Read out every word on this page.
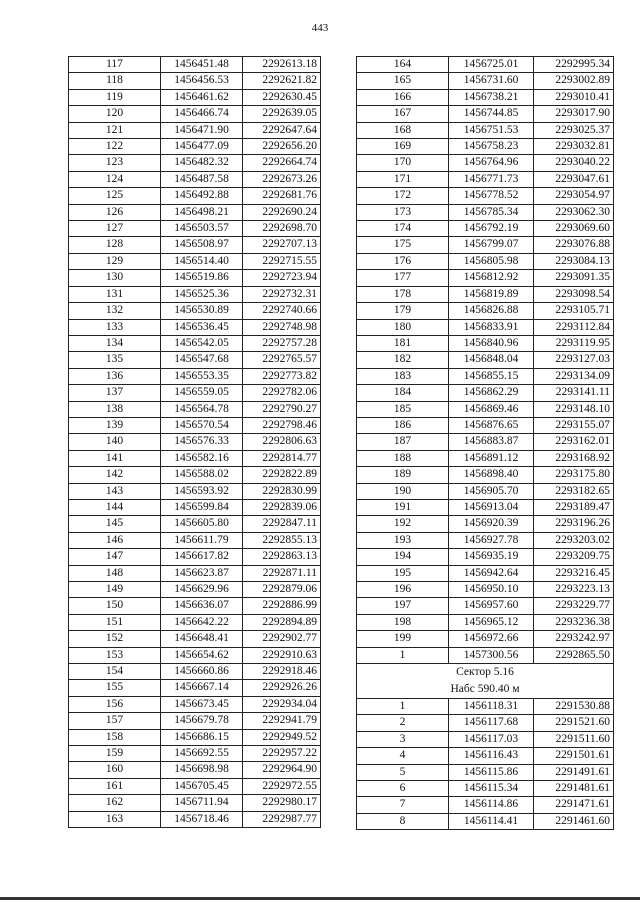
443
117	1456451.48	2292613.18
118	1456456.53	2292621.82
119	1456461.62	2292630.45
120	1456466.74	2292639.05
121	1456471.90	2292647.64
122	1456477.09	2292656.20
123	1456482.32	2292664.74
124	1456487.58	2292673.26
125	1456492.88	2292681.76
126	1456498.21	2292690.24
127	1456503.57	2292698.70
128	1456508.97	2292707.13
129	1456514.40	2292715.55
130	1456519.86	2292723.94
131	1456525.36	2292732.31
132	1456530.89	2292740.66
133	1456536.45	2292748.98
134	1456542.05	2292757.28
135	1456547.68	2292765.57
136	1456553.35	2292773.82
137	1456559.05	2292782.06
138	1456564.78	2292790.27
139	1456570.54	2292798.46
140	1456576.33	2292806.63
141	1456582.16	2292814.77
142	1456588.02	2292822.89
143	1456593.92	2292830.99
144	1456599.84	2292839.06
145	1456605.80	2292847.11
146	1456611.79	2292855.13
147	1456617.82	2292863.13
148	1456623.87	2292871.11
149	1456629.96	2292879.06
150	1456636.07	2292886.99
151	1456642.22	2292894.89
152	1456648.41	2292902.77
153	1456654.62	2292910.63
154	1456660.86	2292918.46
155	1456667.14	2292926.26
156	1456673.45	2292934.04
157	1456679.78	2292941.79
158	1456686.15	2292949.52
159	1456692.55	2292957.22
160	1456698.98	2292964.90
161	1456705.45	2292972.55
162	1456711.94	2292980.17
163	1456718.46	2292987.77
164	1456725.01	2292995.34
165	1456731.60	2293002.89
166	1456738.21	2293010.41
167	1456744.85	2293017.90
168	1456751.53	2293025.37
169	1456758.23	2293032.81
170	1456764.96	2293040.22
171	1456771.73	2293047.61
172	1456778.52	2293054.97
173	1456785.34	2293062.30
174	1456792.19	2293069.60
175	1456799.07	2293076.88
176	1456805.98	2293084.13
177	1456812.92	2293091.35
178	1456819.89	2293098.54
179	1456826.88	2293105.71
180	1456833.91	2293112.84
181	1456840.96	2293119.95
182	1456848.04	2293127.03
183	1456855.15	2293134.09
184	1456862.29	2293141.11
185	1456869.46	2293148.10
186	1456876.65	2293155.07
187	1456883.87	2293162.01
188	1456891.12	2293168.92
189	1456898.40	2293175.80
190	1456905.70	2293182.65
191	1456913.04	2293189.47
192	1456920.39	2293196.26
193	1456927.78	2293203.02
194	1456935.19	2293209.75
195	1456942.64	2293216.45
196	1456950.10	2293223.13
197	1456957.60	2293229.77
198	1456965.12	2293236.38
199	1456972.66	2293242.97
1	1457300.56	2292865.50
Сектор 5.16		
Набс 590.40 м		
1	1456118.31	2291530.88
2	1456117.68	2291521.60
3	1456117.03	2291511.60
4	1456116.43	2291501.61
5	1456115.86	2291491.61
6	1456115.34	2291481.61
7	1456114.86	2291471.61
8	1456114.41	2291461.60
